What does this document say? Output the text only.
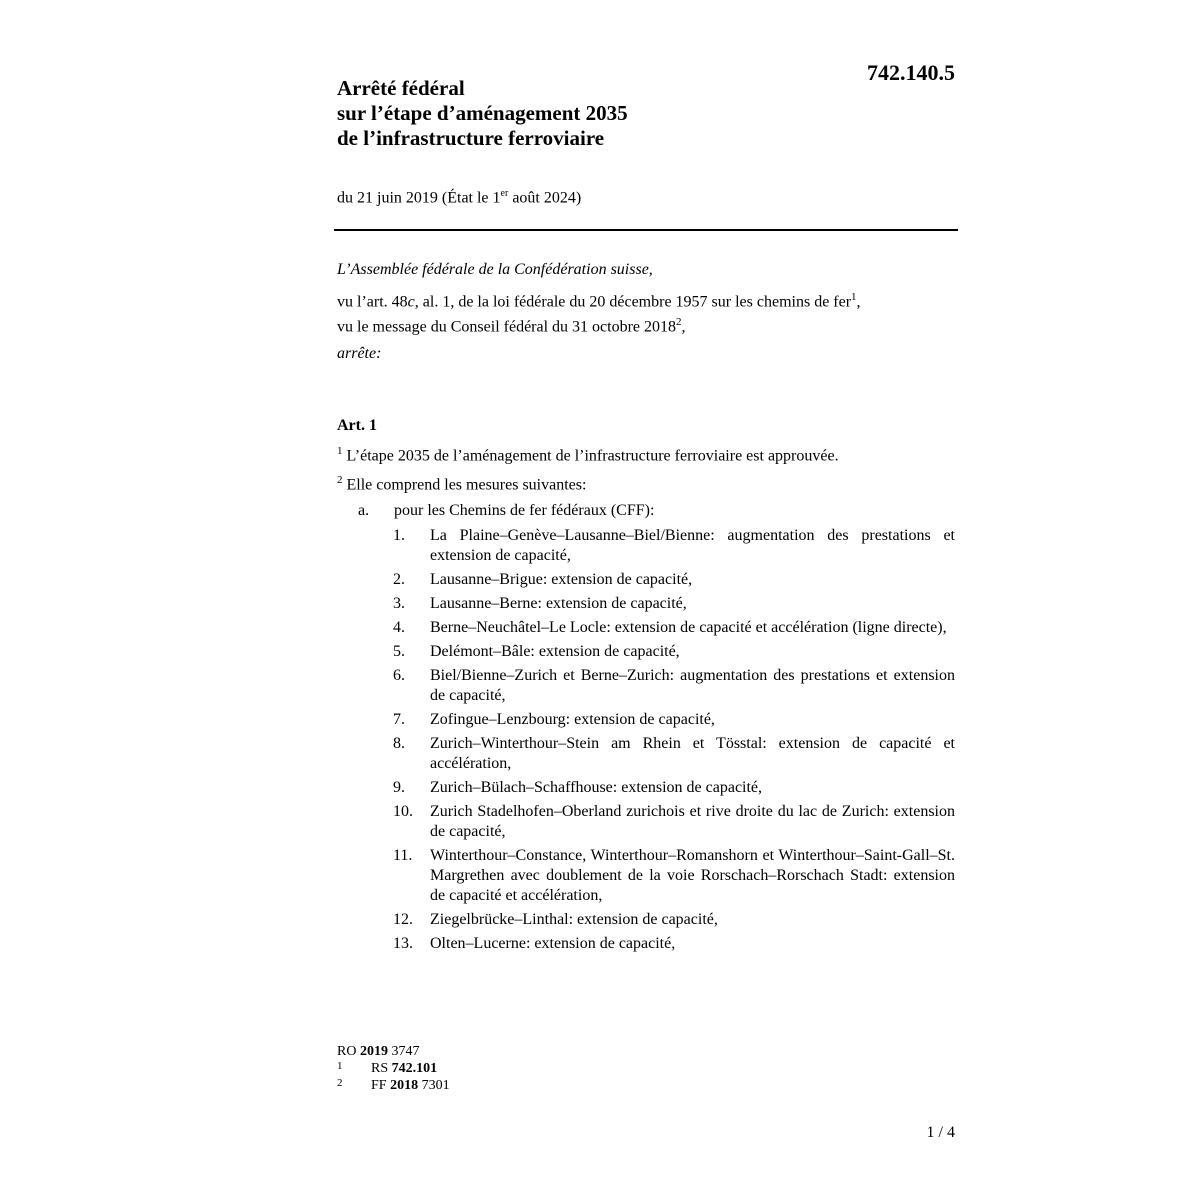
742.140.5
Arrêté fédéral
sur l’étape d’aménagement 2035
de l’infrastructure ferroviaire
du 21 juin 2019 (État le 1er août 2024)
L’Assemblée fédérale de la Confédération suisse,
vu l’art. 48c, al. 1, de la loi fédérale du 20 décembre 1957 sur les chemins de fer$^1$,
vu le message du Conseil fédéral du 31 octobre 2018$^2$,
arrête:
Art. 1
$^1$ L’étape 2035 de l’aménagement de l’infrastructure ferroviaire est approuvée.
$^2$ Elle comprend les mesures suivantes:
a. pour les Chemins de fer fédéraux (CFF):
1. La Plaine–Genève–Lausanne–Biel/Bienne: augmentation des prestations et extension de capacité,
2. Lausanne–Brigue: extension de capacité,
3. Lausanne–Berne: extension de capacité,
4. Berne–Neuchâtel–Le Locle: extension de capacité et accélération (ligne directe),
5. Delémont–Bâle: extension de capacité,
6. Biel/Bienne–Zurich et Berne–Zurich: augmentation des prestations et extension de capacité,
7. Zofingue–Lenzbourg: extension de capacité,
8. Zurich–Winterthour–Stein am Rhein et Tösstal: extension de capacité et accélération,
9. Zurich–Bülach–Schaffhouse: extension de capacité,
10. Zurich Stadelhofen–Oberland zurichois et rive droite du lac de Zurich: extension de capacité,
11. Winterthour–Constance, Winterthour–Romanshorn et Winterthour–Saint-Gall–St. Margrethen avec doublement de la voie Rorschach–Rorschach Stadt: extension de capacité et accélération,
12. Ziegelbrücke–Linthal: extension de capacité,
13. Olten–Lucerne: extension de capacité,
RO 2019 3747
1 RS 742.101
2 FF 2018 7301
1 / 4
